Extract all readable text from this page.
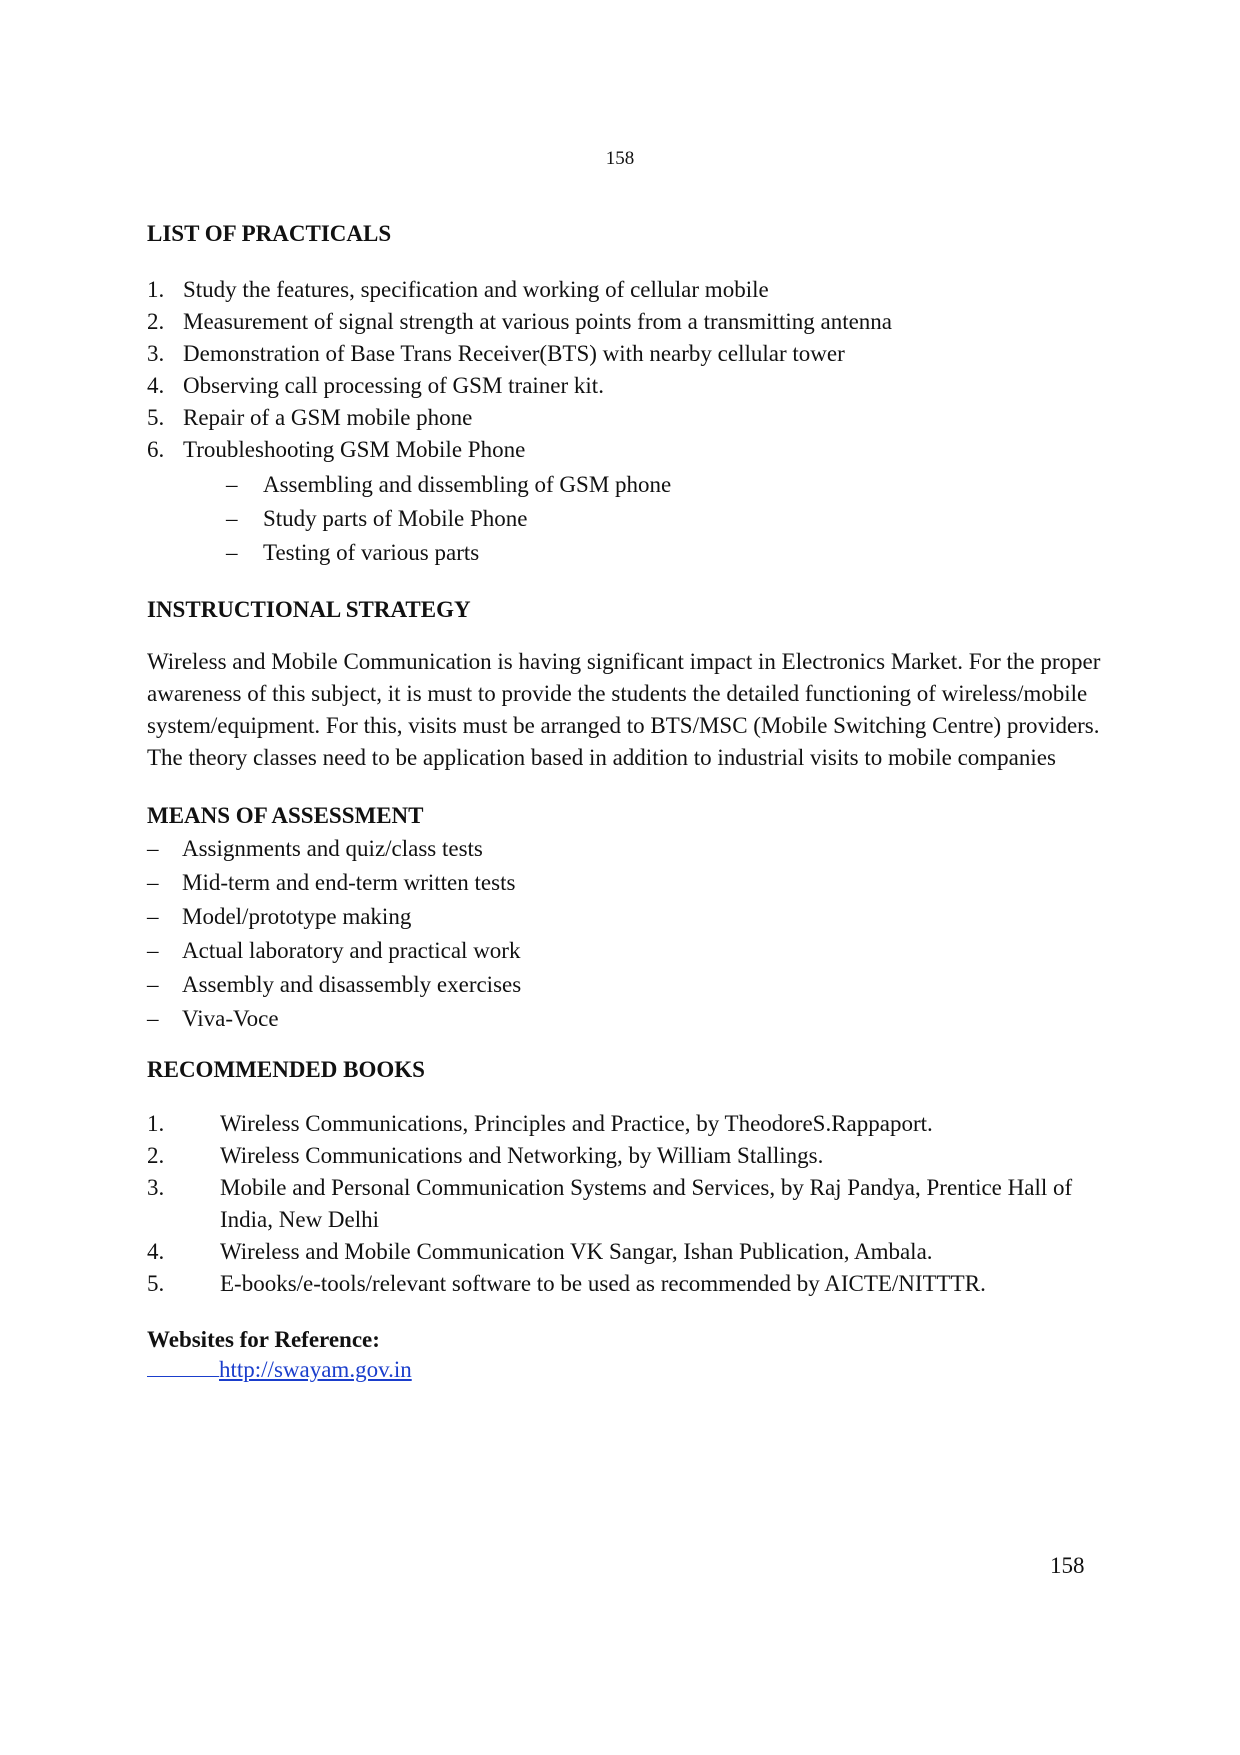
158

LIST OF PRACTICALS

1. Study the features, specification and working of cellular mobile
2. Measurement of signal strength at various points from a transmitting antenna
3. Demonstration of Base Trans Receiver(BTS) with nearby cellular tower
4. Observing call processing of GSM trainer kit.
5. Repair of a GSM mobile phone
6. Troubleshooting GSM Mobile Phone
– Assembling and dissembling of GSM phone
– Study parts of Mobile Phone
– Testing of various parts

INSTRUCTIONAL STRATEGY

Wireless and Mobile Communication is having significant impact in Electronics Market. For the proper awareness of this subject, it is must to provide the students the detailed functioning of wireless/mobile system/equipment. For this, visits must be arranged to BTS/MSC (Mobile Switching Centre) providers. The theory classes need to be application based in addition to industrial visits to mobile companies

MEANS OF ASSESSMENT

– Assignments and quiz/class tests
– Mid-term and end-term written tests
– Model/prototype making
– Actual laboratory and practical work
– Assembly and disassembly exercises
– Viva-Voce

RECOMMENDED BOOKS

1. Wireless Communications, Principles and Practice, by TheodoreS.Rappaport.
2. Wireless Communications and Networking, by William Stallings.
3. Mobile and Personal Communication Systems and Services, by Raj Pandya, Prentice Hall of India, New Delhi
4. Wireless and Mobile Communication VK Sangar, Ishan Publication, Ambala.
5. E-books/e-tools/relevant software to be used as recommended by AICTE/NITTTR.

Websites for Reference:

http://swayam.gov.in
158
